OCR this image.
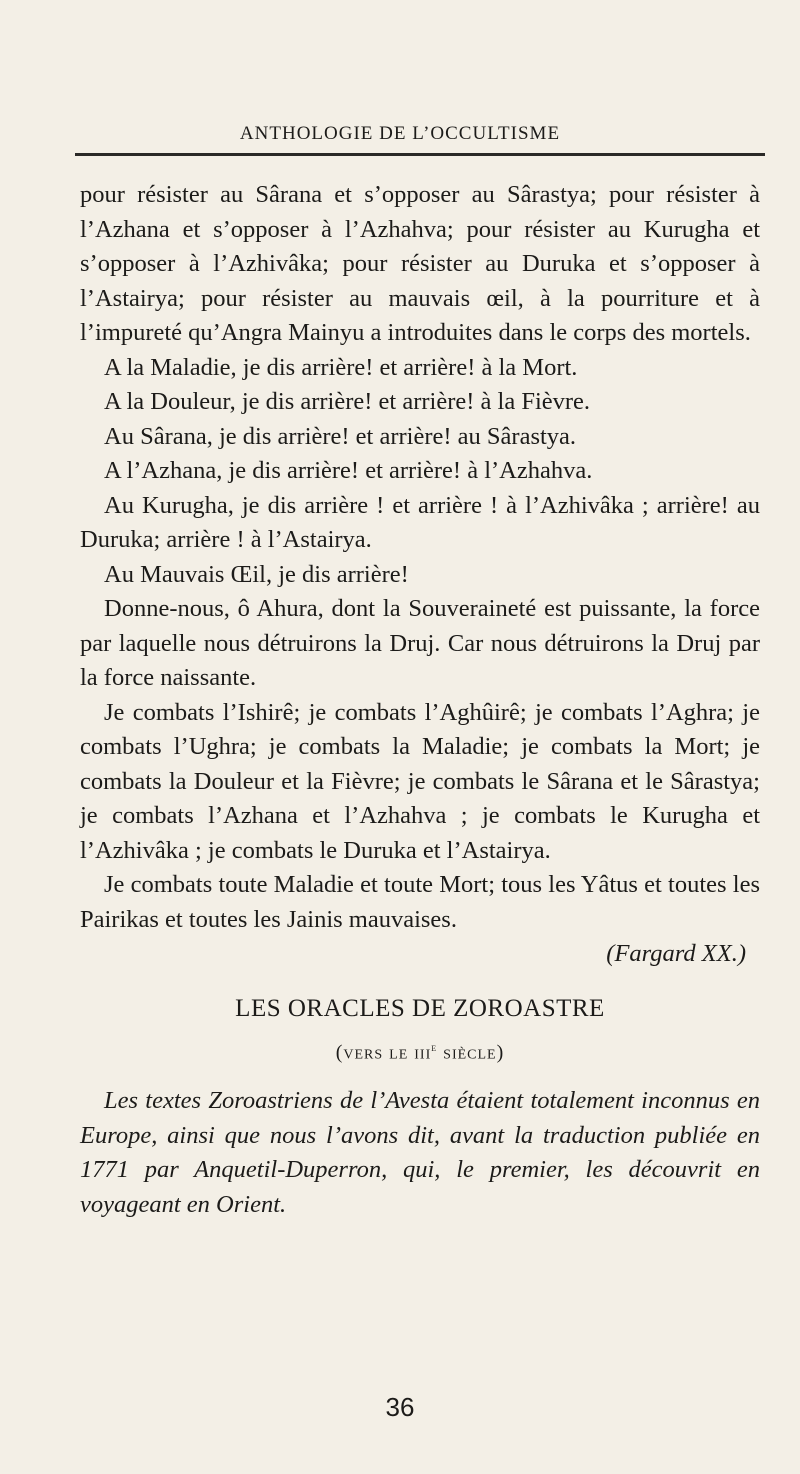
ANTHOLOGIE DE L’OCCULTISME

pour résister au Sârana et s’opposer au Sârastya; pour résister à l’Azhana et s’opposer à l’Azhahva; pour résister au Kurugha et s’opposer à l’Azhivâka; pour résister au Duruka et s’opposer à l’Astairya; pour résister au mauvais œil, à la pourriture et à l’impureté qu’Angra Mainyu a introduites dans le corps des mortels.

A la Maladie, je dis arrière! et arrière! à la Mort.

A la Douleur, je dis arrière! et arrière! à la Fièvre.

Au Sârana, je dis arrière! et arrière! au Sârastya.

A l’Azhana, je dis arrière! et arrière! à l’Azhahva.

Au Kurugha, je dis arrière ! et arrière ! à l’Azhivâka ; arrière! au Duruka; arrière ! à l’Astairya.

Au Mauvais Œil, je dis arrière!

Donne-nous, ô Ahura, dont la Souveraineté est puissante, la force par laquelle nous détruirons la Druj. Car nous détruirons la Druj par la force naissante.

Je combats l’Ishirê; je combats l’Aghûirê; je combats l’Aghra; je combats l’Ughra; je combats la Maladie; je combats la Mort; je combats la Douleur et la Fièvre; je combats le Sârana et le Sârastya; je combats l’Azhana et l’Azhahva ; je combats le Kurugha et l’Azhivâka ; je combats le Duruka et l’Astairya.

Je combats toute Maladie et toute Mort; tous les Yâtus et toutes les Pairikas et toutes les Jainis mauvaises.

(Fargard XX.)

LES ORACLES DE ZOROASTRE

(vers le iii$^e$ siècle)

Les textes Zoroastriens de l’Avesta étaient totalement inconnus en Europe, ainsi que nous l’avons dit, avant la traduction publiée en 1771 par Anquetil-Duperron, qui, le premier, les découvrit en voyageant en Orient.

36
